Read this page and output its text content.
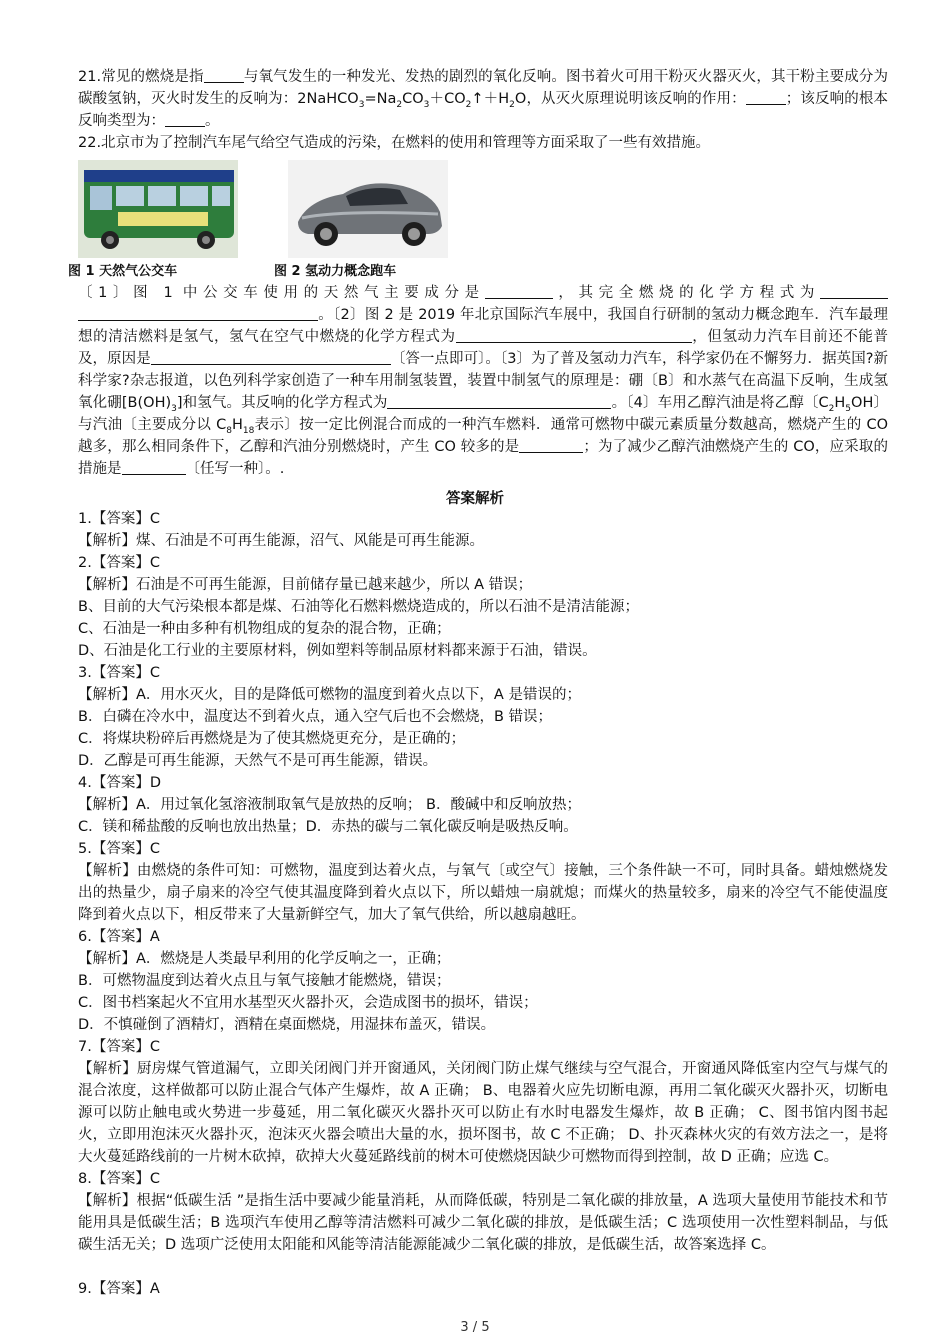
21.常见的燃烧是指	与氧气发生的一种发光、发热的剧烈的氧化反响。图书着火可用干粉灭火器灭火，其干粉主要成分为碳酸氢钠，灭火时发生的反响为：$2NaHCO_3=Na_2CO_3+CO_2↑+H_2O$，从灭火原理说明该反响的作用：	；该反响的根本反响类型为：	。

22.北京市为了控制汽车尾气给空气造成的污染，在燃料的使用和管理等方面采取了一些有效措施。

图 1 天然气公交车	图 2 氢动力概念跑车

〔1〕图 1 中公交车使用的天然气主要成分是	，其完全燃烧的化学方程式为。〔2〕图 2 是 2019 年北京国际汽车展中，我国自行研制的氢动力概念跑车．汽车最理想的清洁燃料是氢气，氢气在空气中燃烧的化学方程式为	，但氢动力汽车目前还不能普及，原因是	〔答一点即可〕。〔3〕为了普及氢动力汽车，科学家仍在不懈努力．据英国?新科学家?杂志报道，以色列科学家创造了一种车用制氢装置，装置中制氢气的原理是：硼〔B〕和水蒸气在高温下反响，生成氢氧化硼$[B(OH)_3]$和氢气。其反响的化学方程式为	。〔4〕车用乙醇汽油是将乙醇〔$C_2H_5OH$〕与汽油〔主要成分以 $C_8H_{18}$表示〕按一定比例混合而成的一种汽车燃料．通常可燃物中碳元素质量分数越高，燃烧产生的 CO 越多，那么相同条件下，乙醇和汽油分别燃烧时，产生 CO 较多的是	；为了减少乙醇汽油燃烧产生的 CO，应采取的措施是	〔任写一种〕。.

答案解析

1.【答案】C

【解析】煤、石油是不可再生能源，沼气、风能是可再生能源。

2.【答案】C

【解析】石油是不可再生能源，目前储存量已越来越少，所以 A 错误；

B、目前的大气污染根本都是煤、石油等化石燃料燃烧造成的，所以石油不是清洁能源；

C、石油是一种由多种有机物组成的复杂的混合物，正确；

D、石油是化工行业的主要原材料，例如塑料等制品原材料都来源于石油，错误。

3.【答案】C

【解析】A．用水灭火，目的是降低可燃物的温度到着火点以下，A 是错误的；

B．白磷在冷水中，温度达不到着火点，通入空气后也不会燃烧，B 错误；

C．将煤块粉碎后再燃烧是为了使其燃烧更充分，是正确的；

D．乙醇是可再生能源，天然气不是可再生能源，错误。

4.【答案】D

【解析】A．用过氧化氢溶液制取氧气是放热的反响； B．酸碱中和反响放热；

C．镁和稀盐酸的反响也放出热量；D．赤热的碳与二氧化碳反响是吸热反响。

5.【答案】C

【解析】由燃烧的条件可知：可燃物，温度到达着火点，与氧气〔或空气〕接触，三个条件缺一不可，同时具备。蜡烛燃烧发出的热量少，扇子扇来的冷空气使其温度降到着火点以下，所以蜡烛一扇就熄；而煤火的热量较多，扇来的冷空气不能使温度降到着火点以下，相反带来了大量新鲜空气，加大了氧气供给，所以越扇越旺。

6.【答案】A

【解析】A．燃烧是人类最早利用的化学反响之一，正确；

B．可燃物温度到达着火点且与氧气接触才能燃烧，错误；

C．图书档案起火不宜用水基型灭火器扑灭，会造成图书的损坏，错误；

D．不慎碰倒了酒精灯，酒精在桌面燃烧，用湿抹布盖灭，错误。

7.【答案】C

【解析】厨房煤气管道漏气，立即关闭阀门并开窗通风，关闭阀门防止煤气继续与空气混合，开窗通风降低室内空气与煤气的混合浓度，这样做都可以防止混合气体产生爆炸，故 A 正确； B、电器着火应先切断电源，再用二氧化碳灭火器扑灭，切断电源可以防止触电或火势进一步蔓延，用二氧化碳灭火器扑灭可以防止有水时电器发生爆炸，故 B 正确； C、图书馆内图书起火，立即用泡沫灭火器扑灭，泡沫灭火器会喷出大量的水，损坏图书，故 C 不正确； D、扑灭森林火灾的有效方法之一，是将大火蔓延路线前的一片树木砍掉，砍掉大火蔓延路线前的树木可使燃烧因缺少可燃物而得到控制，故 D 正确；应选 C。

8.【答案】C

【解析】根据“低碳生活 ”是指生活中要减少能量消耗，从而降低碳，特别是二氧化碳的排放量，A 选项大量使用节能技术和节能用具是低碳生活；B 选项汽车使用乙醇等清洁燃料可减少二氧化碳的排放，是低碳生活；C 选项使用一次性塑料制品，与低碳生活无关；D 选项广泛使用太阳能和风能等清洁能源能减少二氧化碳的排放，是低碳生活，故答案选择 C。

9.【答案】A

3 / 5
